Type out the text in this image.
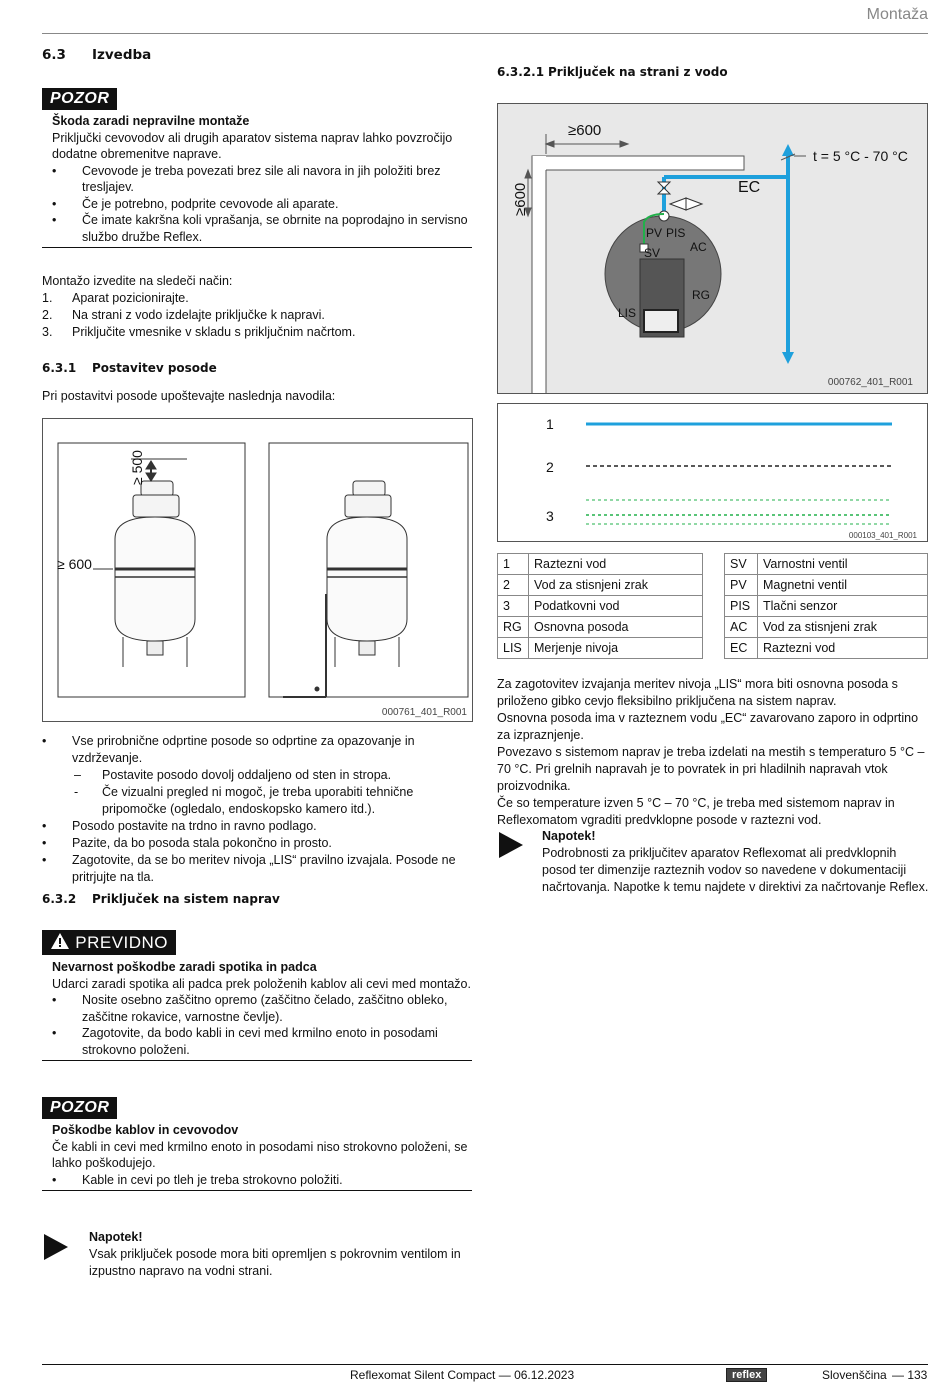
Montaža
6.3 Izvedba
POZOR
Škoda zaradi nepravilne montaže
Priključki cevovodov ali drugih aparatov sistema naprav lahko povzročijo dodatne obremenitve naprave.
• Cevovode je treba povezati brez sile ali navora in jih položiti brez tresljajev.
• Če je potrebno, podprite cevovode ali aparate.
• Če imate kakršna koli vprašanja, se obrnite na poprodajno in servisno službo družbe Reflex.
Montažo izvedite na sledeči način:
1. Aparat pozicionirajte.
2. Na strani z vodo izdelajte priključke k napravi.
3. Priključite vmesnike v skladu s priključnim načrtom.
6.3.1 Postavitev posode
Pri postavitvi posode upoštevajte naslednja navodila:
≥ 500
≥ 600
000761_401_R001
• Vse prirobnične odprtine posode so odprtine za opazovanje in vzdrževanje.
– Postavite posodo dovolj oddaljeno od sten in stropa.
- Če vizualni pregled ni mogoč, je treba uporabiti tehnične pripomočke (ogledalo, endoskopsko kamero itd.).
• Posodo postavite na trdno in ravno podlago.
• Pazite, da bo posoda stala pokončno in prosto.
• Zagotovite, da se bo meritev nivoja „LIS“ pravilno izvajala. Posode ne pritrjujte na tla.
6.3.2 Priključek na sistem naprav
PREVIDNO
Nevarnost poškodbe zaradi spotika in padca
Udarci zaradi spotika ali padca prek položenih kablov ali cevi med montažo.
• Nosite osebno zaščitno opremo (zaščitno čelado, zaščitno obleko, zaščitne rokavice, varnostne čevlje).
• Zagotovite, da bodo kabli in cevi med krmilno enoto in posodami strokovno položeni.
POZOR
Poškodbe kablov in cevovodov
Če kabli in cevi med krmilno enoto in posodami niso strokovno položeni, se lahko poškodujejo.
• Kable in cevi po tleh je treba strokovno položiti.
Napotek!
Vsak priključek posode mora biti opremljen s pokrovnim ventilom in izpustno napravo na vodni strani.
6.3.2.1 Priključek na strani z vodo
≥600
≥600
t = 5 °C - 70 °C
EC
PV PIS
SV AC
RG
LIS
000762_401_R001
1
2
3
000103_401_R001
1	Raztezni vod
2	Vod za stisnjeni zrak
3	Podatkovni vod
RG	Osnovna posoda
LIS	Merjenje nivoja
SV	Varnostni ventil
PV	Magnetni ventil
PIS	Tlačni senzor
AC	Vod za stisnjeni zrak
EC	Raztezni vod
Za zagotovitev izvajanja meritev nivoja „LIS“ mora biti osnovna posoda s priloženo gibko cevjo fleksibilno priključena na sistem naprav.
Osnovna posoda ima v razteznem vodu „EC“ zavarovano zaporo in odprtino za izpraznjenje.
Povezavo s sistemom naprav je treba izdelati na mestih s temperaturo 5 °C – 70 °C. Pri grelnih napravah je to povratek in pri hladilnih napravah vtok proizvodnika.
Če so temperature izven 5 °C – 70 °C, je treba med sistemom naprav in Reflexomatom vgraditi predvklopne posode v raztezni vod.
Napotek!
Podrobnosti za priključitev aparatov Reflexomat ali predvklopnih posod ter dimenzije razteznih vodov so navedene v dokumentaciji načrtovanja. Napotke k temu najdete v direktivi za načrtovanje Reflex.
Reflexomat Silent Compact — 06.12.2023	reflex	Slovenščina — 133
